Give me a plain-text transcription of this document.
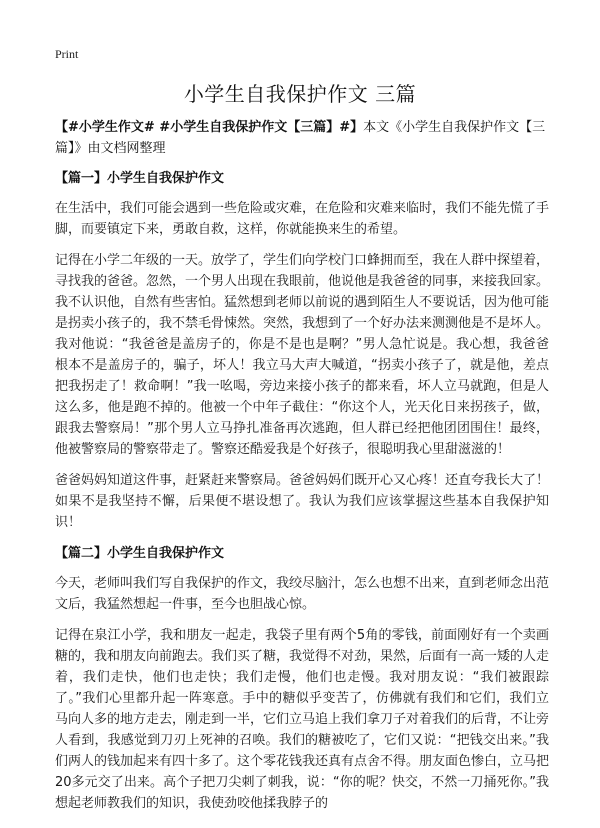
Print
小学生自我保护作文 三篇

【#小学生作文# #小学生自我保护作文【三篇】#】本文《小学生自我保护作文【三篇】》由文档网整理

【篇一】小学生自我保护作文

在生活中，我们可能会遇到一些危险或灾难，在危险和灾难来临时，我们不能先慌了手脚，而要镇定下来，勇敢自救，这样，你就能换来生的希望。

记得在小学二年级的一天。放学了，学生们向学校门口蜂拥而至，我在人群中探望着，寻找我的爸爸。忽然，一个男人出现在我眼前，他说他是我爸爸的同事，来接我回家。我不认识他，自然有些害怕。猛然想到老师以前说的遇到陌生人不要说话，因为他可能是拐卖小孩子的，我不禁毛骨悚然。突然，我想到了一个好办法来测测他是不是坏人。我对他说：“我爸爸是盖房子的，你是不是也是啊？”男人急忙说是。我心想，我爸爸根本不是盖房子的，骗子，坏人！我立马大声大喊道，“拐卖小孩子了，就是他，差点把我拐走了！救命啊！”我一吆喝，旁边来接小孩子的都来看，坏人立马就跑，但是人这么多，他是跑不掉的。他被一个中年子截住：“你这个人，光天化日来拐孩子，做，跟我去警察局！”那个男人立马挣扎准备再次逃跑，但人群已经把他团团围住！最终，他被警察局的警察带走了。警察还酷爱我是个好孩子，很聪明我心里甜滋滋的！

爸爸妈妈知道这件事，赶紧赶来警察局。爸爸妈妈们既开心又心疼！还直夸我长大了！如果不是我坚持不懈，后果便不堪设想了。我认为我们应该掌握这些基本自我保护知识！

【篇二】小学生自我保护作文

今天，老师叫我们写自我保护的作文，我绞尽脑汁，怎么也想不出来，直到老师念出范文后，我猛然想起一件事，至今也胆战心惊。

记得在泉江小学，我和朋友一起走，我袋子里有两个5角的零钱，前面刚好有一个卖画糖的，我和朋友向前跑去。我们买了糖，我觉得不对劲，果然，后面有一高一矮的人走着，我们走快，他们也走快；我们走慢，他们也走慢。我对朋友说：“我们被跟踪了。”我们心里都升起一阵寒意。手中的糖似乎变苦了，仿佛就有我们和它们，我们立马向人多的地方走去，刚走到一半，它们立马追上我们拿刀子对着我们的后背，不让旁人看到，我感觉到刀刃上死神的召唤。我们的糖被吃了，它们又说：“把钱交出来。”我们两人的钱加起来有四十多了。这个零花钱我还真有点舍不得。朋友面色惨白，立马把20多元交了出来。高个子把刀尖刺了刺我，说：“你的呢？快交，不然一刀捅死你。”我想起老师教我们的知识，我使劲咬他揉我脖子的
